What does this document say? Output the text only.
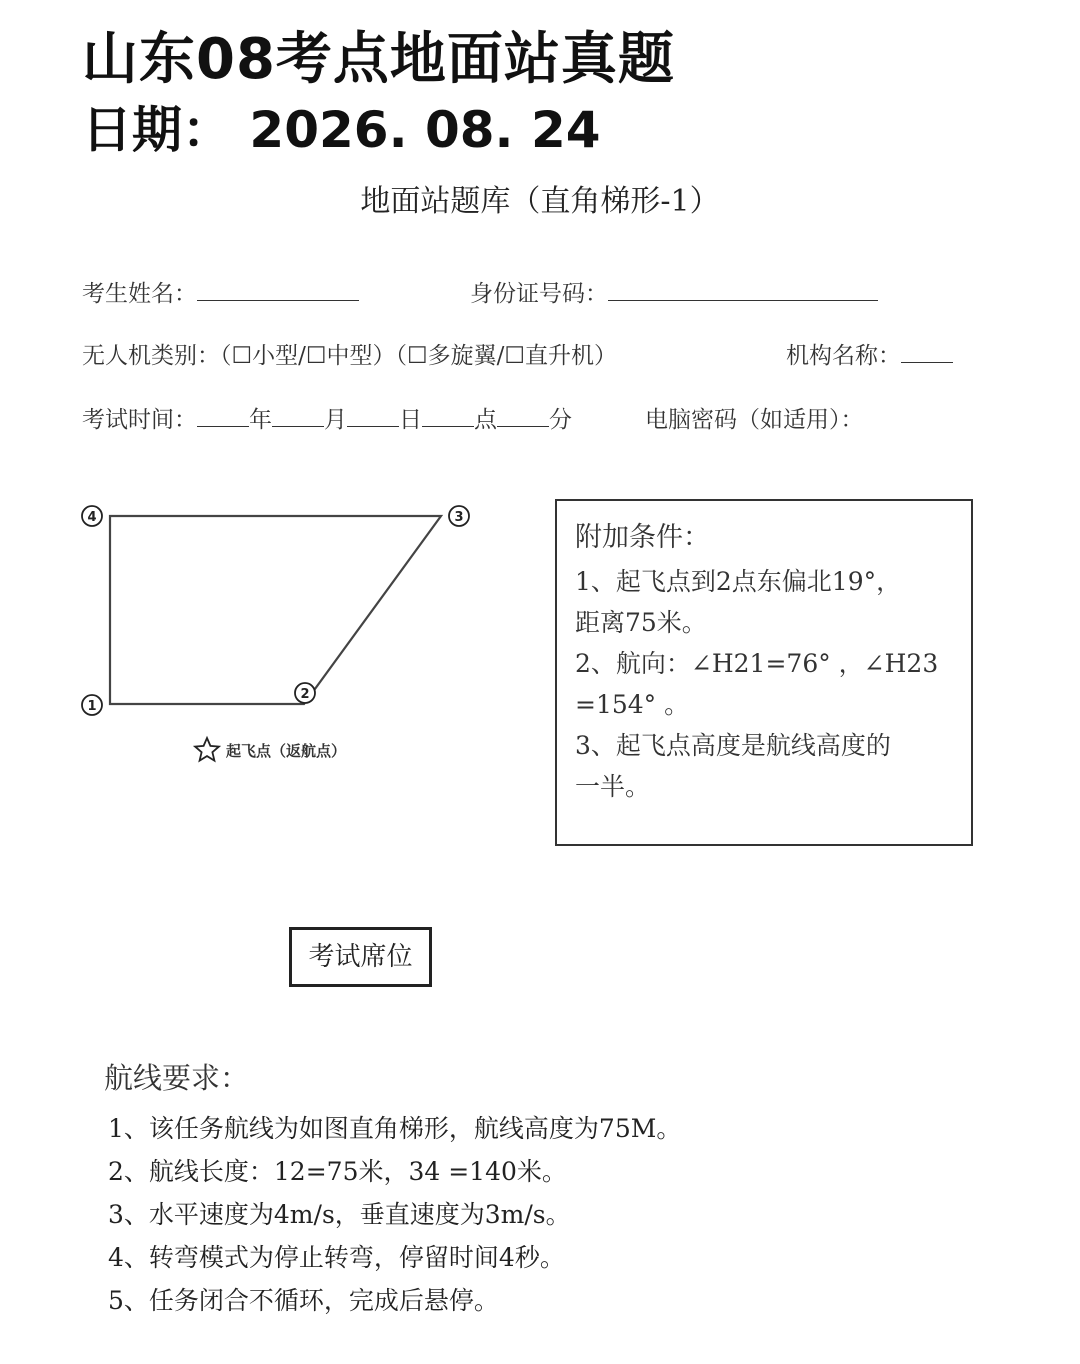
山东08考点地面站真题
日期： 2026. 08. 24
地面站题库（直角梯形-1）
考生姓名：	身份证号码：
无人机类别：（☐小型/☐中型）（☐多旋翼/☐直升机）	机构名称：
考试时间： 年 月 日 点 分	电脑密码（如适用）：
4	3
2
1
起飞点（返航点）
附加条件：
1、起飞点到2点东偏北19°，
距离75米。
2、航向：∠H21=76° ，∠H23
=154° 。
3、起飞点高度是航线高度的
一半。
考试席位
航线要求：
1、该任务航线为如图直角梯形，航线高度为75M。
2、航线长度：12=75米，34 =140米。
3、水平速度为4m/s，垂直速度为3m/s。
4、转弯模式为停止转弯，停留时间4秒。
5、任务闭合不循环，完成后悬停。
